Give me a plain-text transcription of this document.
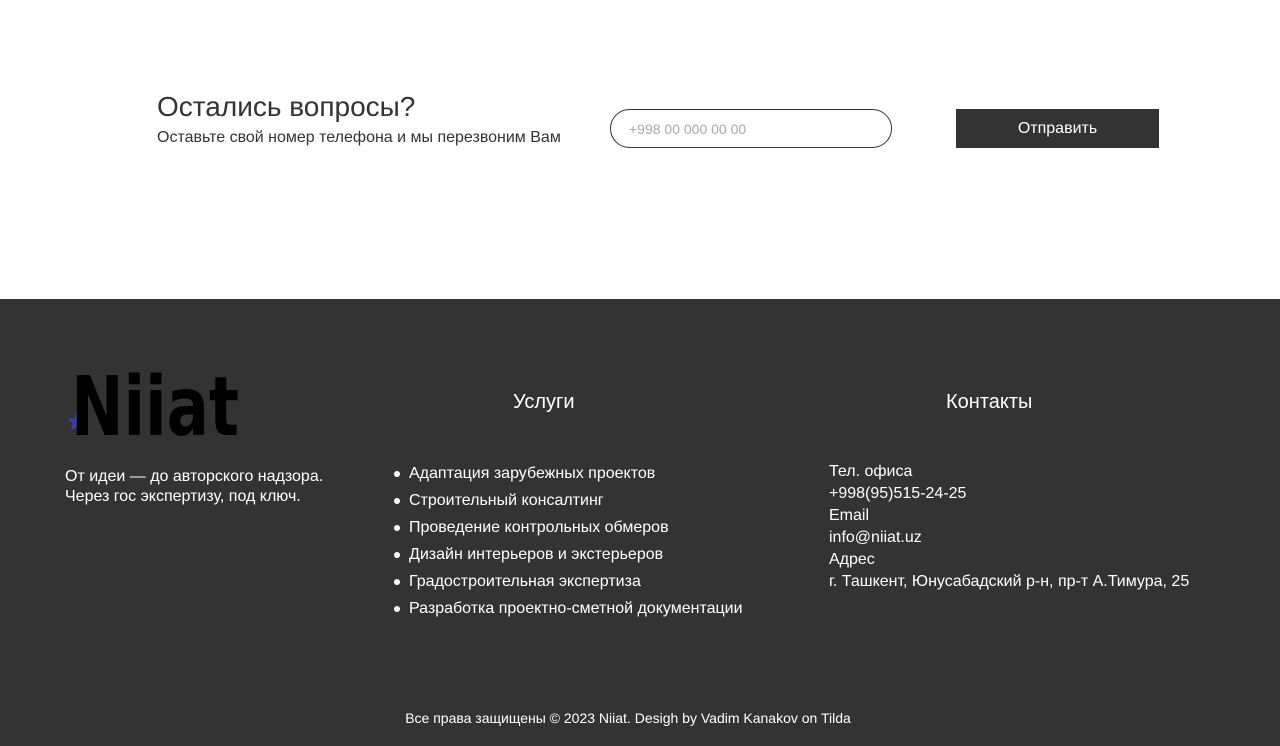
Остались вопросы?
Оставьте свой номер телефона и мы перезвоним Вам
+998 00 000 00 00
Отправить
Niiat
От идеи — до авторского надзора.
Через гос экспертизу, под ключ.
Услуги
Адаптация зарубежных проектов
Строительный консалтинг
Проведение контрольных обмеров
Дизайн интерьеров и экстерьеров
Градостроительная экспертиза
Разработка проектно-сметной документации
Контакты
Тел. офиса
+998(95)515-24-25
Email
info@niiat.uz
Адрес
г. Ташкент, Юнусабадский р-н, пр-т А.Тимура, 25
Все права защищены © 2023 Niiat. Desigh by Vadim Kanakov on Tilda
